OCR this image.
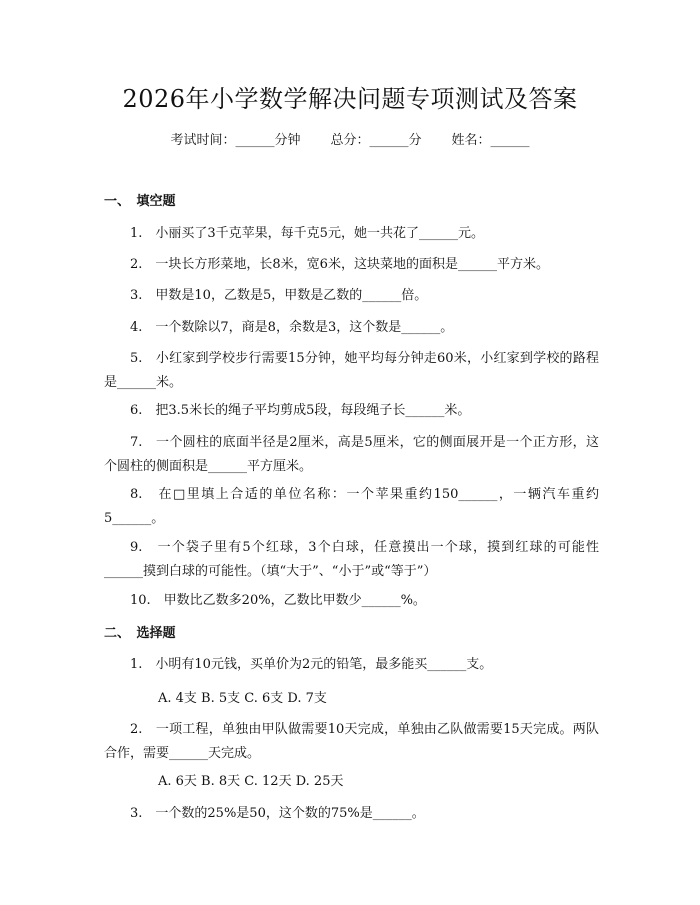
2026年小学数学解决问题专项测试及答案
考试时间：______分钟 总分：______分 姓名：______
一、　填空题
1.　小丽买了3千克苹果，每千克5元，她一共花了______元。
2.　一块长方形菜地，长8米，宽6米，这块菜地的面积是______平方米。
3.　甲数是10，乙数是5，甲数是乙数的______倍。
4.　一个数除以7，商是8，余数是3，这个数是______。
5.　小红家到学校步行需要15分钟，她平均每分钟走60米，小红家到学校的路程是______米。
6.　把3.5米长的绳子平均剪成5段，每段绳子长______米。
7.　一个圆柱的底面半径是2厘米，高是5厘米，它的侧面展开是一个正方形，这个圆柱的侧面积是______平方厘米。
8.　在□里填上合适的单位名称：一个苹果重约150______，一辆汽车重约5______。
9.　一个袋子里有5个红球，3个白球，任意摸出一个球，摸到红球的可能性______摸到白球的可能性。（填“大于”、“小于”或“等于”）
10.　甲数比乙数多20%，乙数比甲数少______%。
二、　选择题
1.　小明有10元钱，买单价为2元的铅笔，最多能买______支。
A. 4支 B. 5支 C. 6支 D. 7支
2.　一项工程，单独由甲队做需要10天完成，单独由乙队做需要15天完成。两队合作，需要______天完成。
A. 6天 B. 8天 C. 12天 D. 25天
3.　一个数的25%是50，这个数的75%是______。
